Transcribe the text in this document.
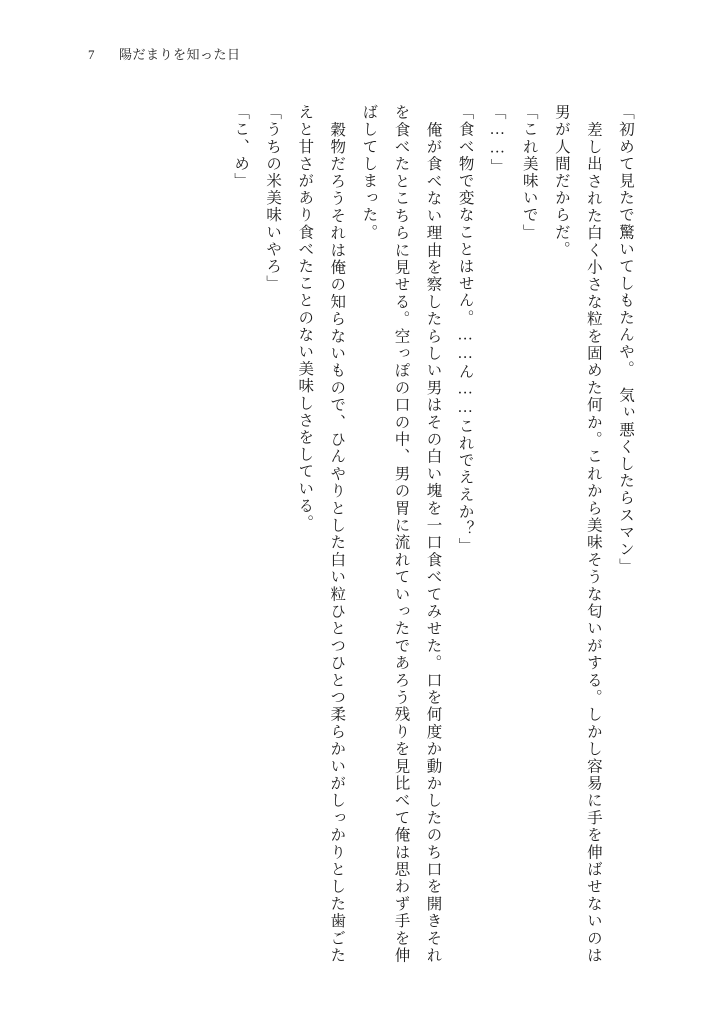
7 陽だまりを知った日

「初めて見たで驚いてしもたんや。　気ぃ悪くしたらスマン」

　差し出された白く小さな粒を固めた何か。これから美味そうな匂いがする。しかし容易に手を伸ばせないのは男が人間だからだ。

「これ美味いで」

「……」

「食べ物で変なことはせん。……ん……これでええか？」

　俺が食べない理由を察したらしい男はその白い塊を一口食べてみせた。口を何度か動かしたのち口を開きそれを食べたとこちらに見せる。空っぽの口の中、男の胃に流れていったであろう残りを見比べて俺は思わず手を伸ばしてしまった。

　穀物だろうそれは俺の知らないもので、ひんやりとした白い粒ひとつひとつ柔らかいがしっかりとした歯ごたえと甘さがあり食べたことのない美味しさをしている。

「うちの米美味いやろ」

「こ、め」
